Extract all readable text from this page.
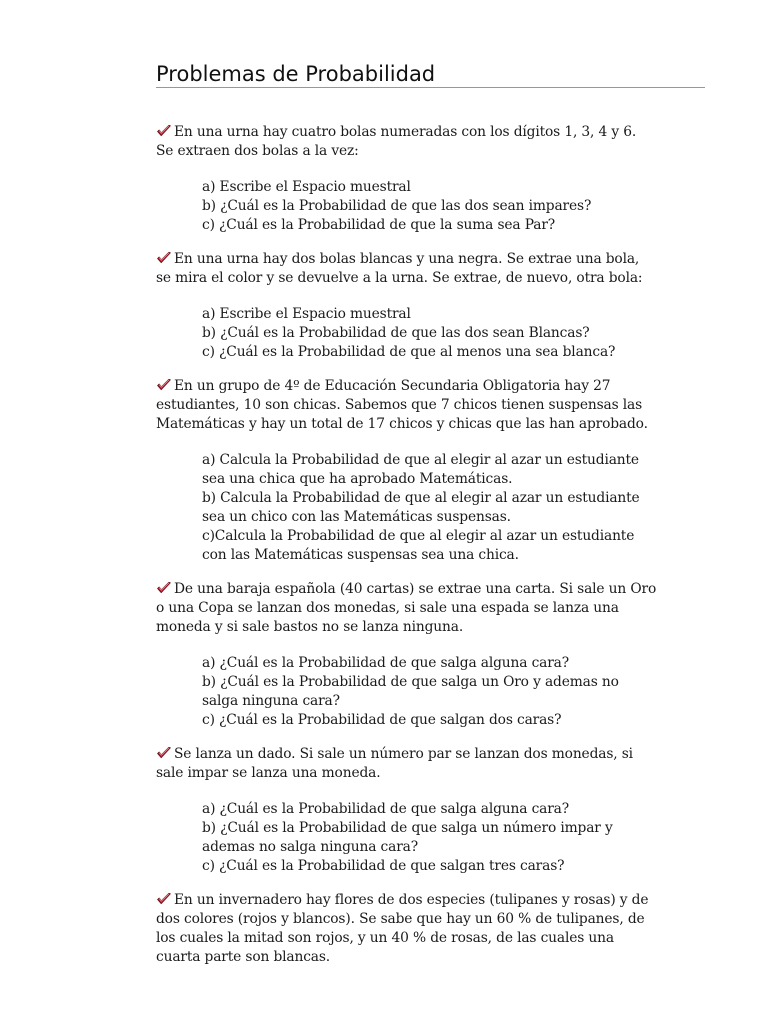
Problemas de Probabilidad
En una urna hay cuatro bolas numeradas con los dígitos 1, 3, 4 y 6.
Se extraen dos bolas a la vez:
a) Escribe el Espacio muestral
b) ¿Cuál es la Probabilidad de que las dos sean impares?
c) ¿Cuál es la Probabilidad de que la suma sea Par?
En una urna hay dos bolas blancas y una negra. Se extrae una bola,
se mira el color y se devuelve a la urna. Se extrae, de nuevo, otra bola:
a) Escribe el Espacio muestral
b) ¿Cuál es la Probabilidad de que las dos sean Blancas?
c) ¿Cuál es la Probabilidad de que al menos una sea blanca?
En un grupo de 4º de Educación Secundaria Obligatoria hay 27
estudiantes, 10 son chicas. Sabemos que 7 chicos tienen suspensas las
Matemáticas y hay un total de 17 chicos y chicas que las han aprobado.
a) Calcula la Probabilidad de que al elegir al azar un estudiante
sea una chica que ha aprobado Matemáticas.
b) Calcula la Probabilidad de que al elegir al azar un estudiante
sea un chico con las Matemáticas suspensas.
c)Calcula la Probabilidad de que al elegir al azar un estudiante
con las Matemáticas suspensas sea una chica.
De una baraja española (40 cartas) se extrae una carta. Si sale un Oro
o una Copa se lanzan dos monedas, si sale una espada se lanza una
moneda y si sale bastos no se lanza ninguna.
a) ¿Cuál es la Probabilidad de que salga alguna cara?
b) ¿Cuál es la Probabilidad de que salga un Oro y ademas no
salga ninguna cara?
c) ¿Cuál es la Probabilidad de que salgan dos caras?
Se lanza un dado. Si sale un número par se lanzan dos monedas, si
sale impar se lanza una moneda.
a) ¿Cuál es la Probabilidad de que salga alguna cara?
b) ¿Cuál es la Probabilidad de que salga un número impar y
ademas no salga ninguna cara?
c) ¿Cuál es la Probabilidad de que salgan tres caras?
En un invernadero hay flores de dos especies (tulipanes y rosas) y de
dos colores (rojos y blancos). Se sabe que hay un 60 % de tulipanes, de
los cuales la mitad son rojos, y un 40 % de rosas, de las cuales una
cuarta parte son blancas.
